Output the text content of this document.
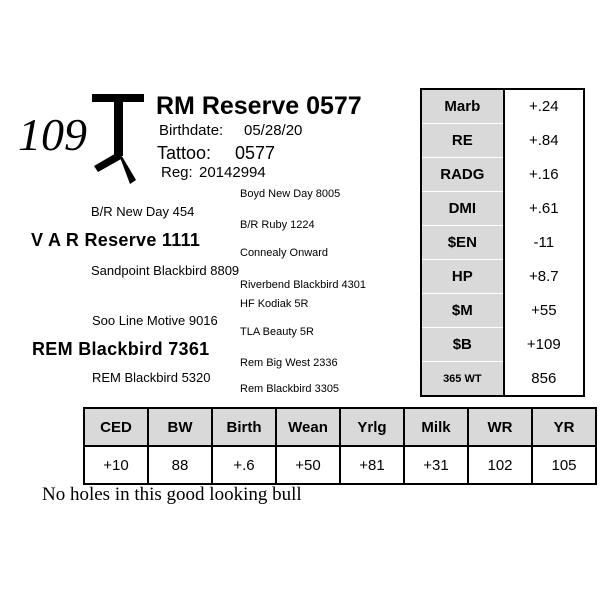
109
RM Reserve 0577
Birthdate: 05/28/20
Tattoo: 0577
Reg: 20142994
Boyd New Day 8005
B/R New Day 454
B/R Ruby 1224
V A R Reserve 1111
Connealy Onward
Sandpoint Blackbird 8809
Riverbend Blackbird 4301
HF Kodiak 5R
Soo Line Motive 9016
TLA Beauty 5R
REM Blackbird 7361
Rem Big West 2336
REM Blackbird 5320
Rem Blackbird 3305
Marb	+.24
RE	+.84
RADG	+.16
DMI	+.61
$EN	-11
HP	+8.7
$M	+55
$B	+109
365 WT	856
CED	BW	Birth	Wean	Yrlg	Milk	WR	YR
+10	88	+.6	+50	+81	+31	102	105
No holes in this good looking bull
